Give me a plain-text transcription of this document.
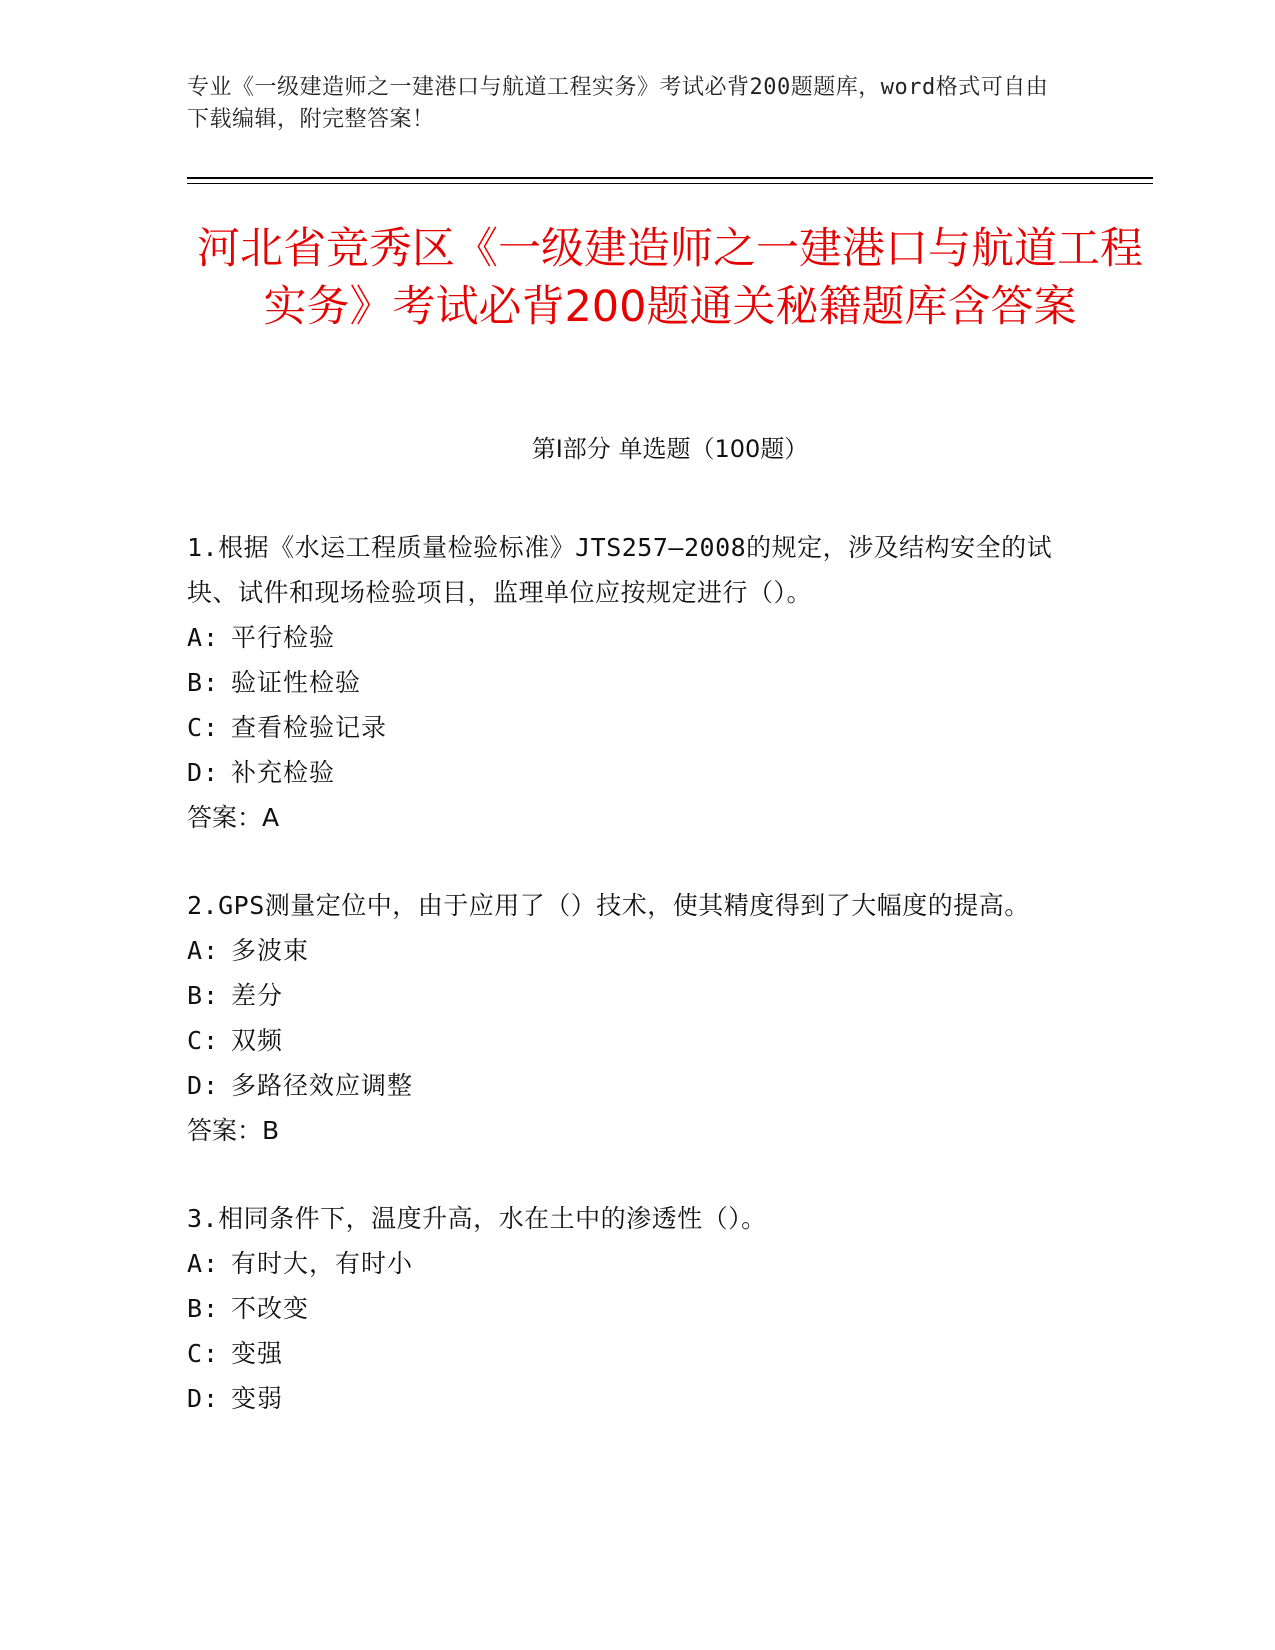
专业《一级建造师之一建港口与航道工程实务》考试必背200题题库，word格式可自由下载编辑，附完整答案！
河北省竞秀区《一级建造师之一建港口与航道工程实务》考试必背200题通关秘籍题库含答案
第Ⅰ部分 单选题（100题）
1.根据《水运工程质量检验标准》JTS257—2008的规定，涉及结构安全的试块、试件和现场检验项目，监理单位应按规定进行（）。
A: 平行检验
B: 验证性检验
C: 查看检验记录
D: 补充检验
答案：A
2.GPS测量定位中，由于应用了（）技术，使其精度得到了大幅度的提高。
A: 多波束
B: 差分
C: 双频
D: 多路径效应调整
答案：B
3.相同条件下，温度升高，水在土中的渗透性（）。
A: 有时大，有时小
B: 不改变
C: 变强
D: 变弱
